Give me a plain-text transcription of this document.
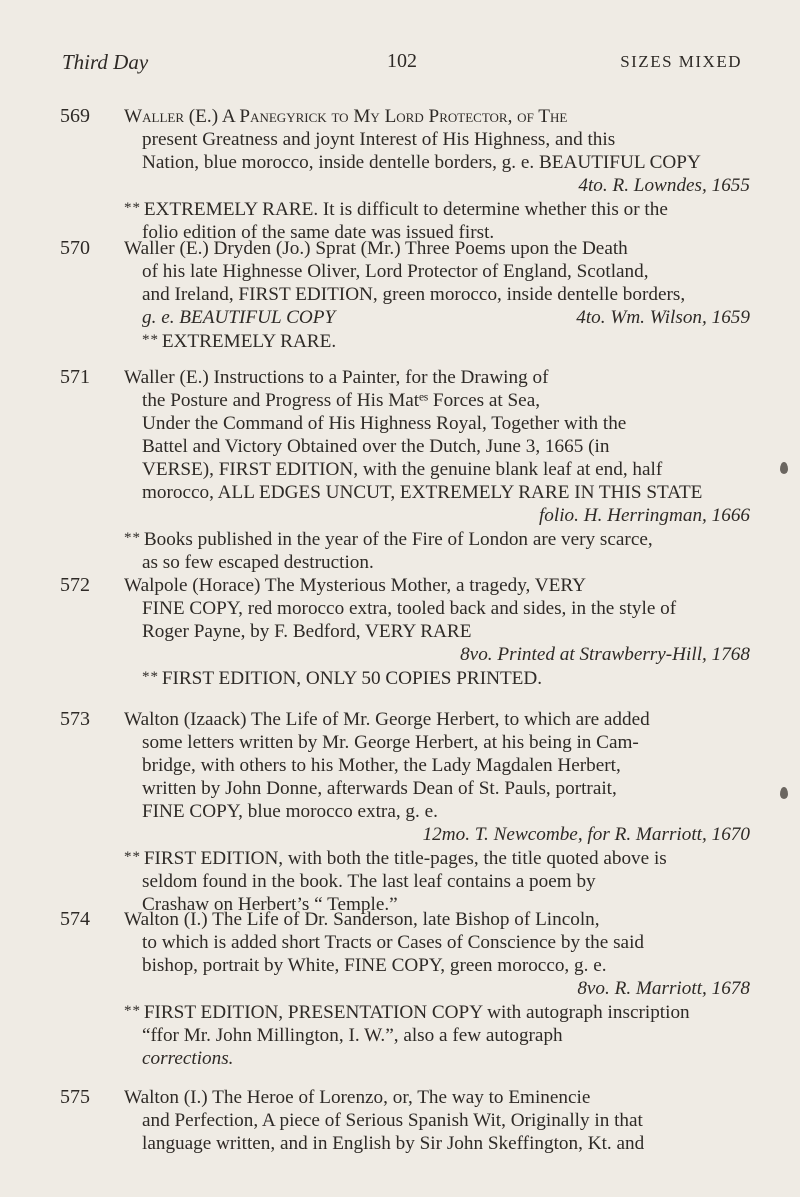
Third Day	102	SIZES MIXED
569 Waller (E.) A Panegyrick to My Lord Protector, of The
present Greatness and joynt Interest of His Highness, and this
Nation, blue morocco, inside dentelle borders, g. e. BEAUTIFUL COPY
4to. R. Lowndes, 1655
* * EXTREMELY RARE. It is difficult to determine whether this or the
folio edition of the same date was issued first.
570 Waller (E.) Dryden (Jo.) Sprat (Mr.) Three Poems upon the Death
of his late Highnesse Oliver, Lord Protector of England, Scotland,
and Ireland, FIRST EDITION, green morocco, inside dentelle borders,
g. e. BEAUTIFUL COPY	4to. Wm. Wilson, 1659
* * EXTREMELY RARE.
571 Waller (E.) Instructions to a Painter, for the Drawing of
the Posture and Progress of His Matᵉˢ Forces at Sea,
Under the Command of His Highness Royal, Together with the
Battel and Victory Obtained over the Dutch, June 3, 1665 (in
VERSE), FIRST EDITION, with the genuine blank leaf at end, half
morocco, ALL EDGES UNCUT, EXTREMELY RARE IN THIS STATE
folio. H. Herringman, 1666
* * Books published in the year of the Fire of London are very scarce,
as so few escaped destruction.
572 Walpole (Horace) The Mysterious Mother, a tragedy, VERY
FINE COPY, red morocco extra, tooled back and sides, in the style of
Roger Payne, by F. Bedford, VERY RARE
8vo. Printed at Strawberry-Hill, 1768
* * FIRST EDITION, ONLY 50 COPIES PRINTED.
573 Walton (Izaack) The Life of Mr. George Herbert, to which are added
some letters written by Mr. George Herbert, at his being in Cam-
bridge, with others to his Mother, the Lady Magdalen Herbert,
written by John Donne, afterwards Dean of St. Pauls, portrait,
FINE COPY, blue morocco extra, g. e.
12mo. T. Newcombe, for R. Marriott, 1670
* * FIRST EDITION, with both the title-pages, the title quoted above is
seldom found in the book. The last leaf contains a poem by
Crashaw on Herbert’s “ Temple.”
574 Walton (I.) The Life of Dr. Sanderson, late Bishop of Lincoln,
to which is added short Tracts or Cases of Conscience by the said
bishop, portrait by White, FINE COPY, green morocco, g. e.
8vo. R. Marriott, 1678
* * FIRST EDITION, PRESENTATION COPY with autograph inscription
“ffor Mr. John Millington, I. W.”, also a few autograph
corrections.
575 Walton (I.) The Heroe of Lorenzo, or, The way to Eminencie
and Perfection, A piece of Serious Spanish Wit, Originally in that
language written, and in English by Sir John Skeffington, Kt. and
